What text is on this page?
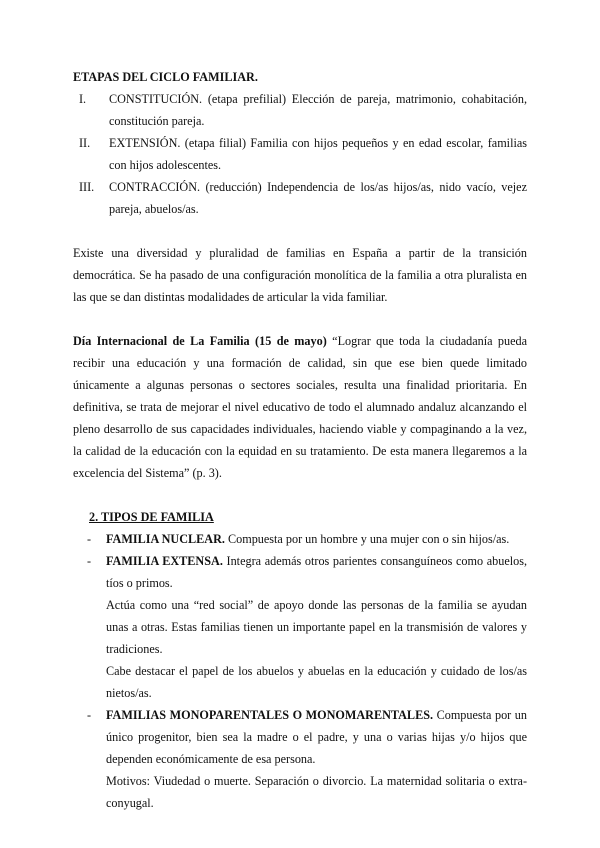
ETAPAS DEL CICLO FAMILIAR.

I.	CONSTITUCIÓN. (etapa prefilial) Elección de pareja, matrimonio, cohabitación, constitución pareja.
II.	EXTENSIÓN. (etapa filial) Familia con hijos pequeños y en edad escolar, familias con hijos adolescentes.
III.	CONTRACCIÓN. (reducción) Independencia de los/as hijos/as, nido vacío, vejez pareja, abuelos/as.

Existe una diversidad y pluralidad de familias en España a partir de la transición democrática. Se ha pasado de una configuración monolítica de la familia a otra pluralista en las que se dan distintas modalidades de articular la vida familiar.

Día Internacional de La Familia (15 de mayo) “Lograr que toda la ciudadanía pueda recibir una educación y una formación de calidad, sin que ese bien quede limitado únicamente a algunas personas o sectores sociales, resulta una finalidad prioritaria. En definitiva, se trata de mejorar el nivel educativo de todo el alumnado andaluz alcanzando el pleno desarrollo de sus capacidades individuales, haciendo viable y compaginando a la vez, la calidad de la educación con la equidad en su tratamiento. De esta manera llegaremos a la excelencia del Sistema” (p. 3).

2. TIPOS DE FAMILIA

-	FAMILIA NUCLEAR. Compuesta por un hombre y una mujer con o sin hijos/as.

-	FAMILIA EXTENSA. Integra además otros parientes consanguíneos como abuelos, tíos o primos.

Actúa como una “red social” de apoyo donde las personas de la familia se ayudan unas a otras. Estas familias tienen un importante papel en la transmisión de valores y tradiciones.

Cabe destacar el papel de los abuelos y abuelas en la educación y cuidado de los/as nietos/as.

-	FAMILIAS MONOPARENTALES O MONOMARENTALES. Compuesta por un único progenitor, bien sea la madre o el padre, y una o varias hijas y/o hijos que dependen económicamente de esa persona.

Motivos: Viudedad o muerte. Separación o divorcio. La maternidad solitaria o extra-conyugal.
